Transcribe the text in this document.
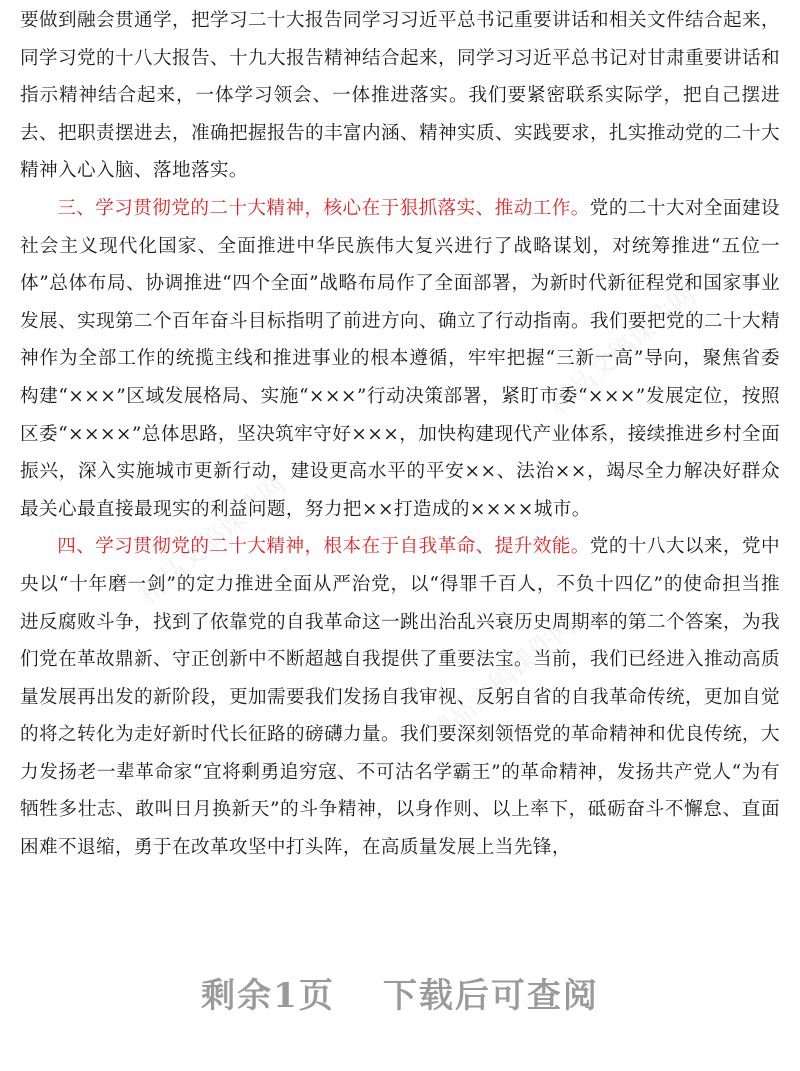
精品文稿课件网
精品文稿课件网
精品文稿课件网

要做到融会贯通学，把学习二十大报告同学习习近平总书记重要讲话和相关文件结合起来，同学习党的十八大报告、十九大报告精神结合起来，同学习习近平总书记对甘肃重要讲话和指示精神结合起来，一体学习领会、一体推进落实。我们要紧密联系实际学，把自己摆进去、把职责摆进去，准确把握报告的丰富内涵、精神实质、实践要求，扎实推动党的二十大精神入心入脑、落地落实。

三、学习贯彻党的二十大精神，核心在于狠抓落实、推动工作。党的二十大对全面建设社会主义现代化国家、全面推进中华民族伟大复兴进行了战略谋划，对统筹推进“五位一体”总体布局、协调推进“四个全面”战略布局作了全面部署，为新时代新征程党和国家事业发展、实现第二个百年奋斗目标指明了前进方向、确立了行动指南。我们要把党的二十大精神作为全部工作的统揽主线和推进事业的根本遵循，牢牢把握“三新一高”导向，聚焦省委构建“×××”区域发展格局、实施“×××”行动决策部署，紧盯市委“×××”发展定位，按照区委“××××”总体思路，坚决筑牢守好×××，加快构建现代产业体系，接续推进乡村全面振兴，深入实施城市更新行动，建设更高水平的平安××、法治××，竭尽全力解决好群众最关心最直接最现实的利益问题，努力把××打造成的××××城市。

四、学习贯彻党的二十大精神，根本在于自我革命、提升效能。党的十八大以来，党中央以“十年磨一剑”的定力推进全面从严治党，以“得罪千百人，不负十四亿”的使命担当推进反腐败斗争，找到了依靠党的自我革命这一跳出治乱兴衰历史周期率的第二个答案，为我们党在革故鼎新、守正创新中不断超越自我提供了重要法宝。当前，我们已经进入推动高质量发展再出发的新阶段，更加需要我们发扬自我审视、反躬自省的自我革命传统，更加自觉的将之转化为走好新时代长征路的磅礴力量。我们要深刻领悟党的革命精神和优良传统，大力发扬老一辈革命家“宜将剩勇追穷寇、不可沽名学霸王”的革命精神，发扬共产党人“为有牺牲多壮志、敢叫日月换新天”的斗争精神，以身作则、以上率下，砥砺奋斗不懈怠、直面困难不退缩，勇于在改革攻坚中打头阵，在高质量发展上当先锋，

剩余1页 下载后可查阅
